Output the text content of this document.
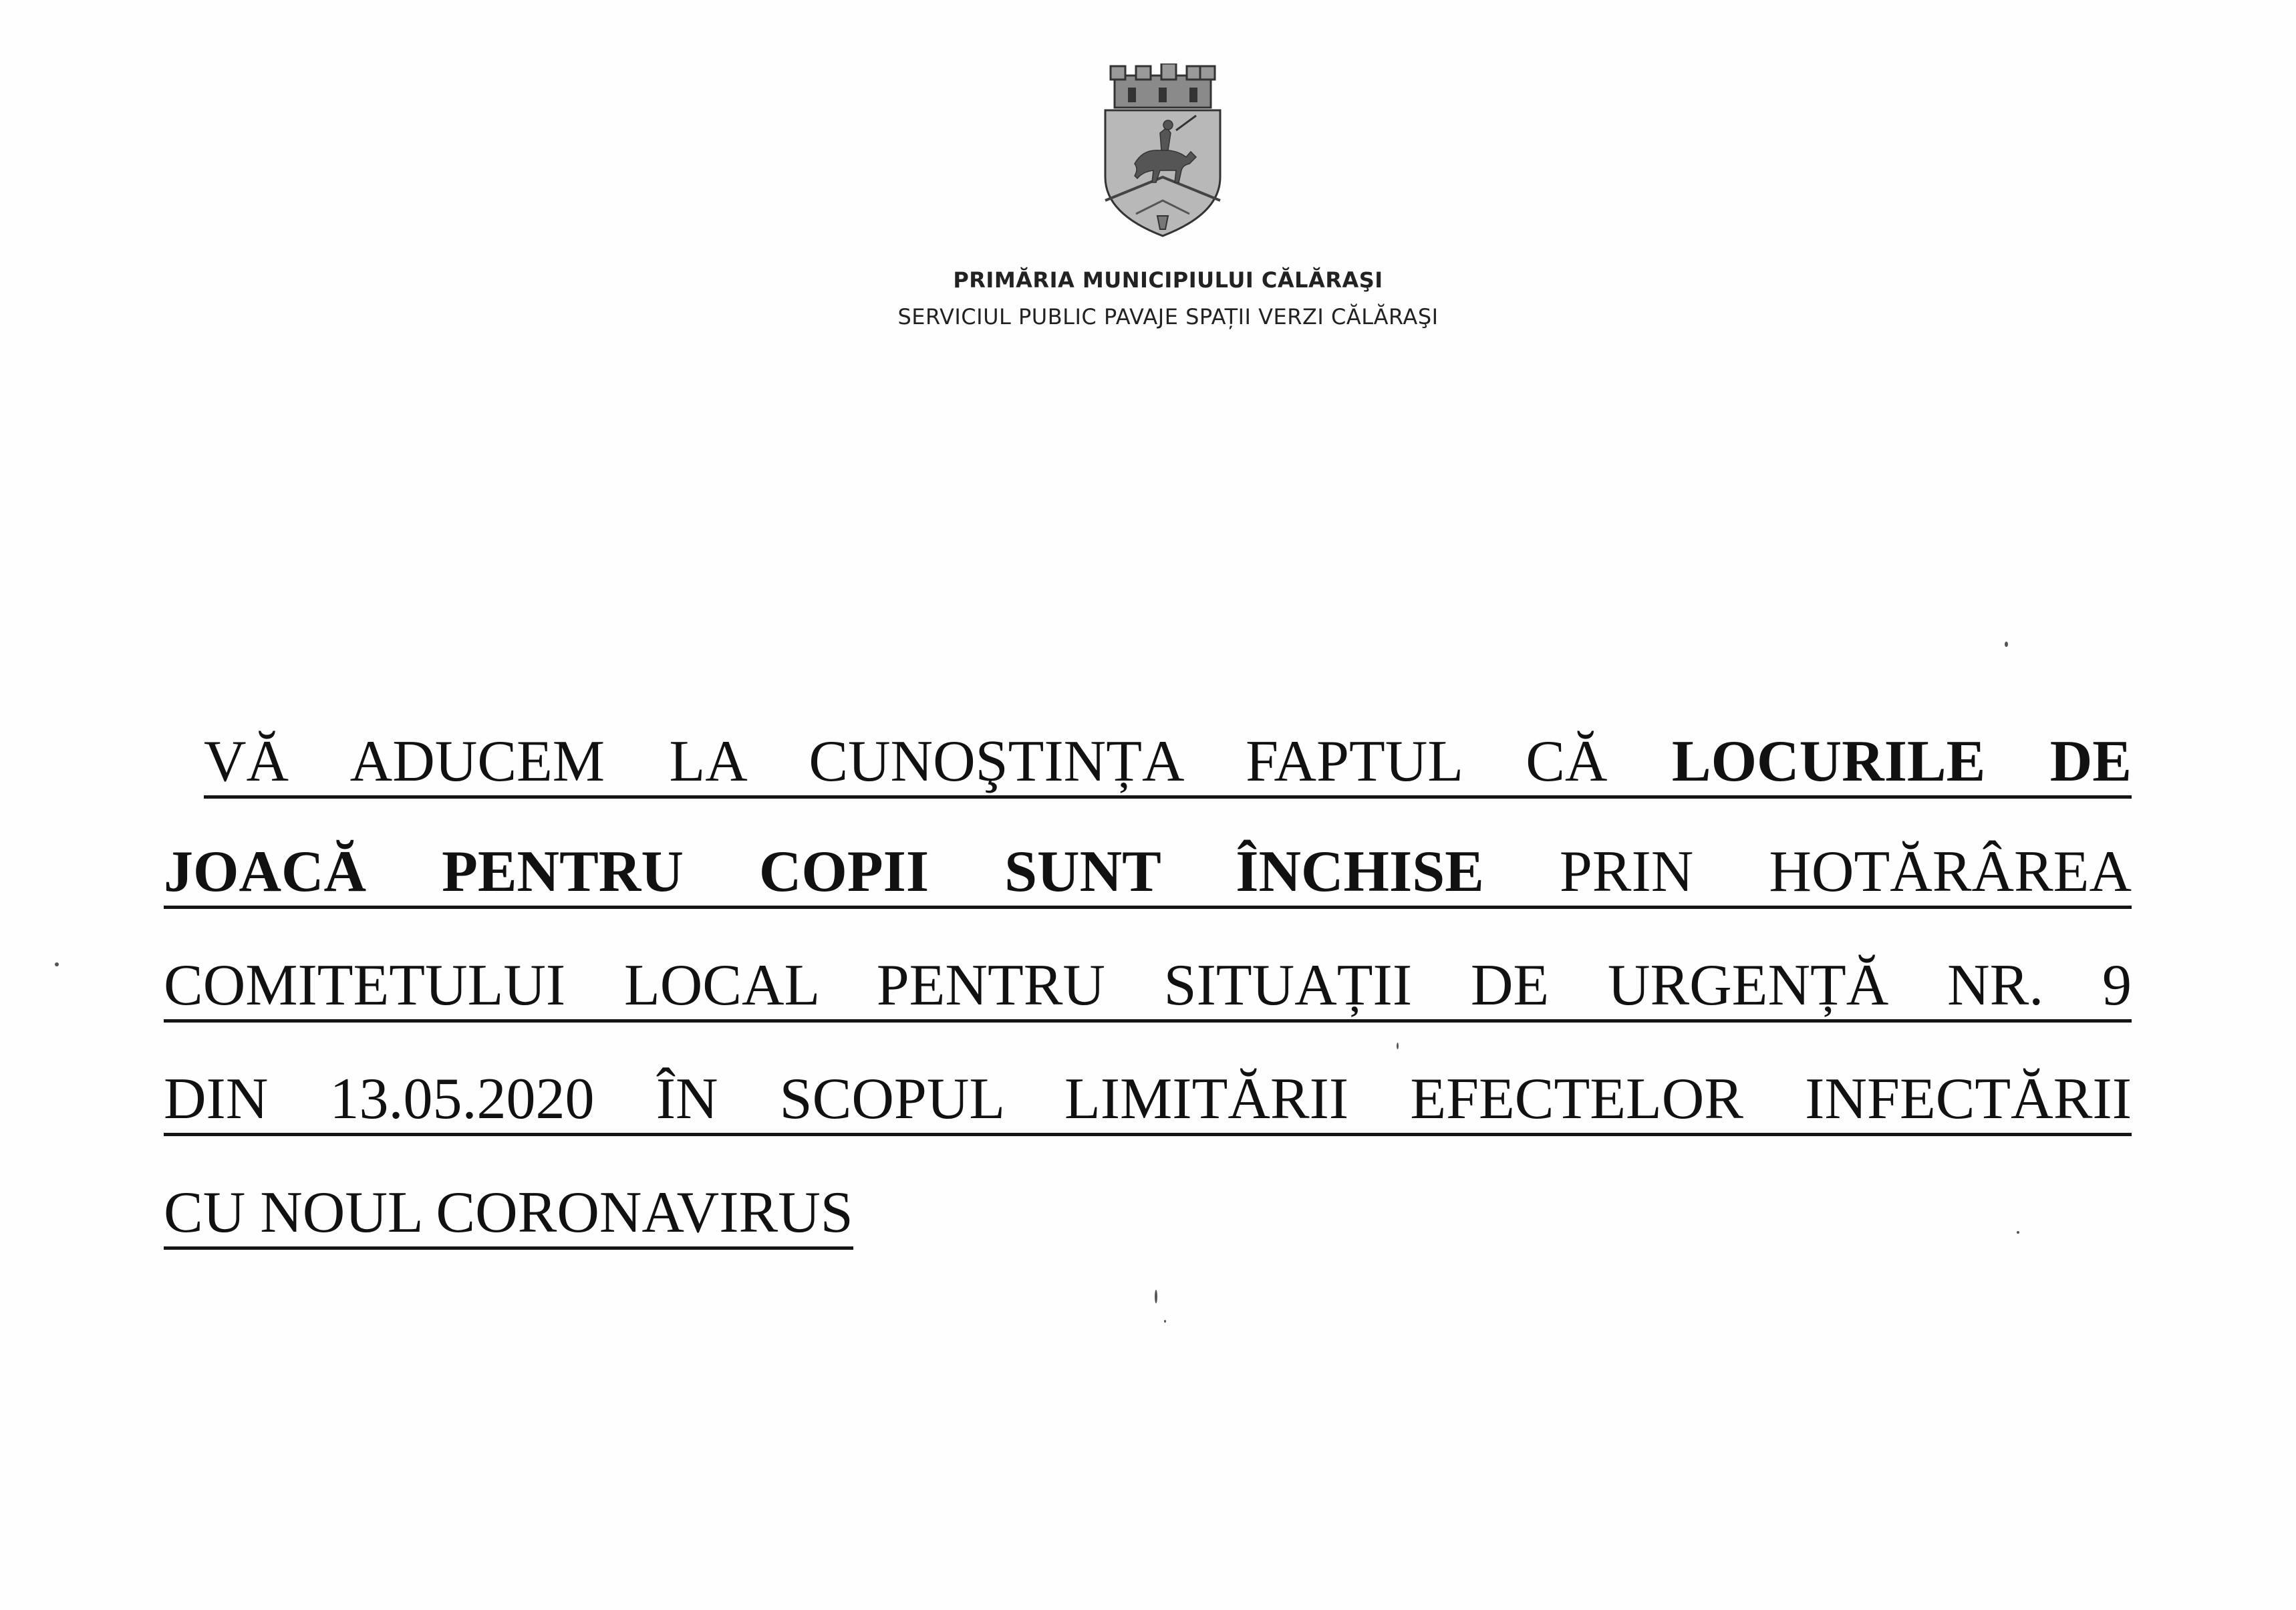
PRIMĂRIA MUNICIPIULUI CĂLĂRAŞI
SERVICIUL PUBLIC PAVAJE SPAȚII VERZI CĂLĂRAŞI
VĂ ADUCEM LA CUNOŞTINȚA FAPTUL CĂ LOCURILE DE
JOACĂ PENTRU COPII SUNT ÎNCHISE PRIN HOTĂRÂREA
COMITETULUI LOCAL PENTRU SITUAȚII DE URGENȚĂ NR. 9
DIN 13.05.2020 ÎN SCOPUL LIMITĂRII EFECTELOR INFECTĂRII
CU NOUL CORONAVIRUS
